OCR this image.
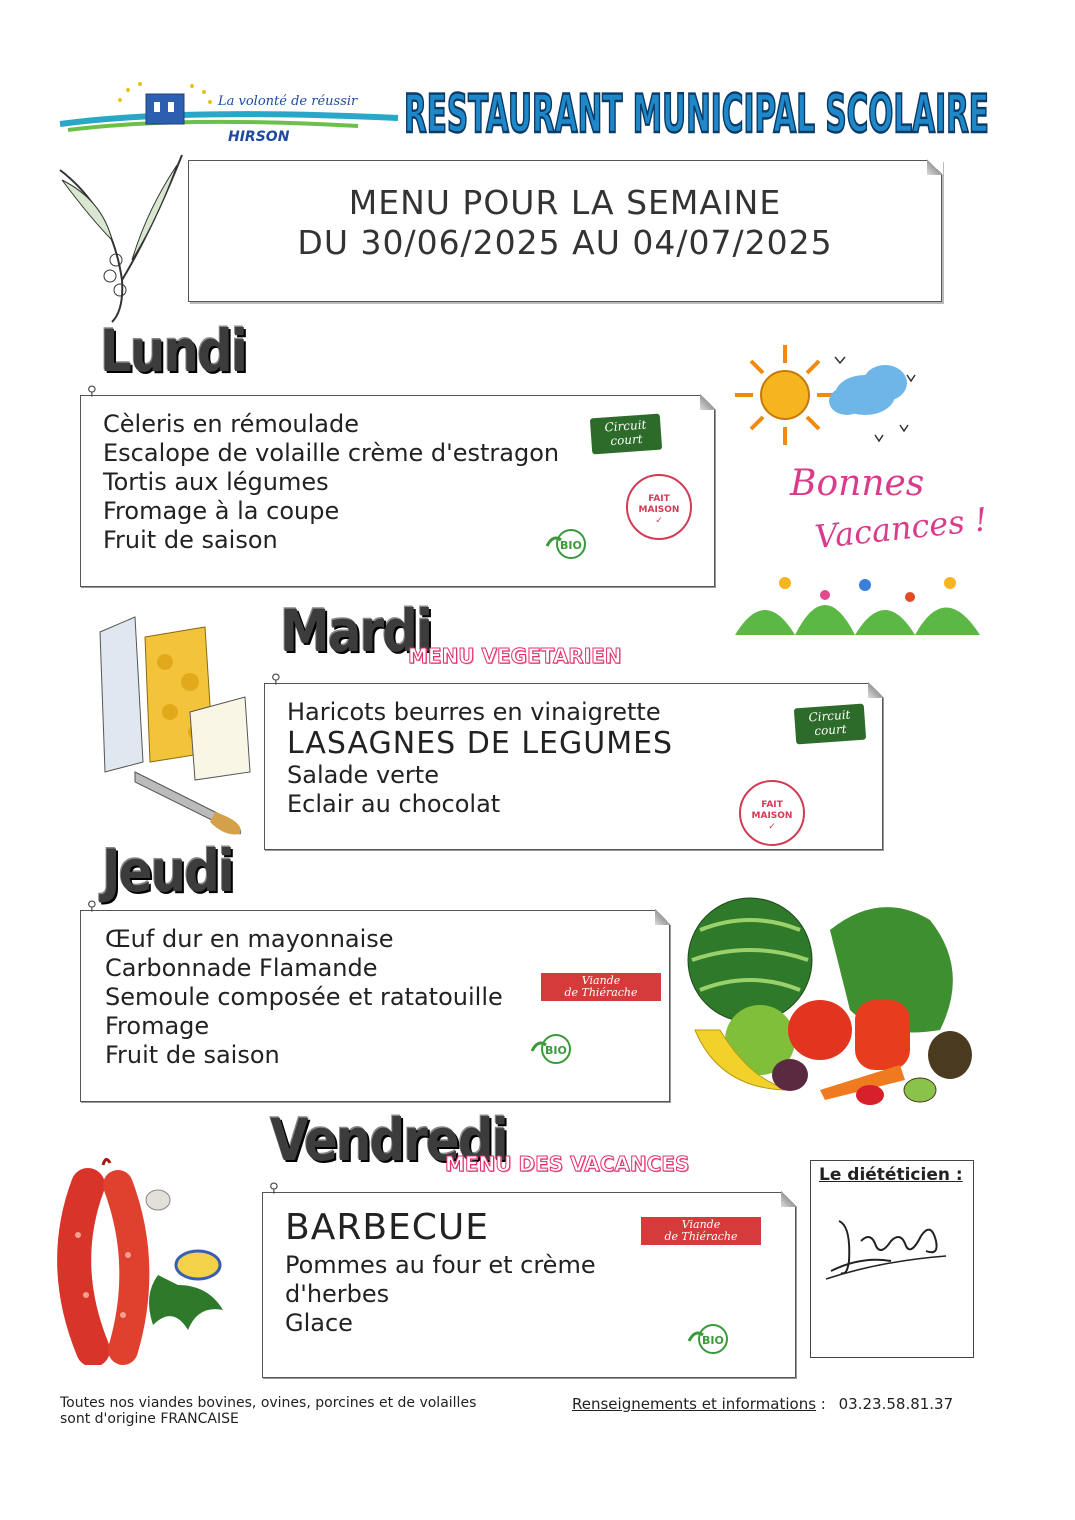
La volonté de réussir
HIRSON	RESTAURANT MUNICIPAL SCOLAIRE
MENU POUR LA SEMAINE
DU 30/06/2025 AU 04/07/2025
Lundi
⚲
Cèleris en rémoulade
Escalope de volaille crème d'estragon
Tortis aux légumes
Fromage à la coupe
Fruit de saison
Circuit
court
FAIT
MAISON
✓
BIO
Bonnes
Vacances !
Mardi
MENU VEGETARIEN
⚲
Haricots beurres en vinaigrette
LASAGNES DE LEGUMES
Salade verte
Eclair au chocolat
Circuit
court
FAIT
MAISON
✓
Jeudi
⚲
Œuf dur en mayonnaise
Carbonnade Flamande
Semoule composée et ratatouille
Fromage
Fruit de saison
Viande
de Thiérache
BIO
Vendredi
MENU DES VACANCES
⚲
BARBECUE
Pommes au four et crème
d'herbes
Glace
Viande
de Thiérache
BIO
Le diététicien :
Toutes nos viandes bovines, ovines, porcines et de volailles
sont d'origine FRANCAISE
Renseignements et informations : 03.23.58.81.37
